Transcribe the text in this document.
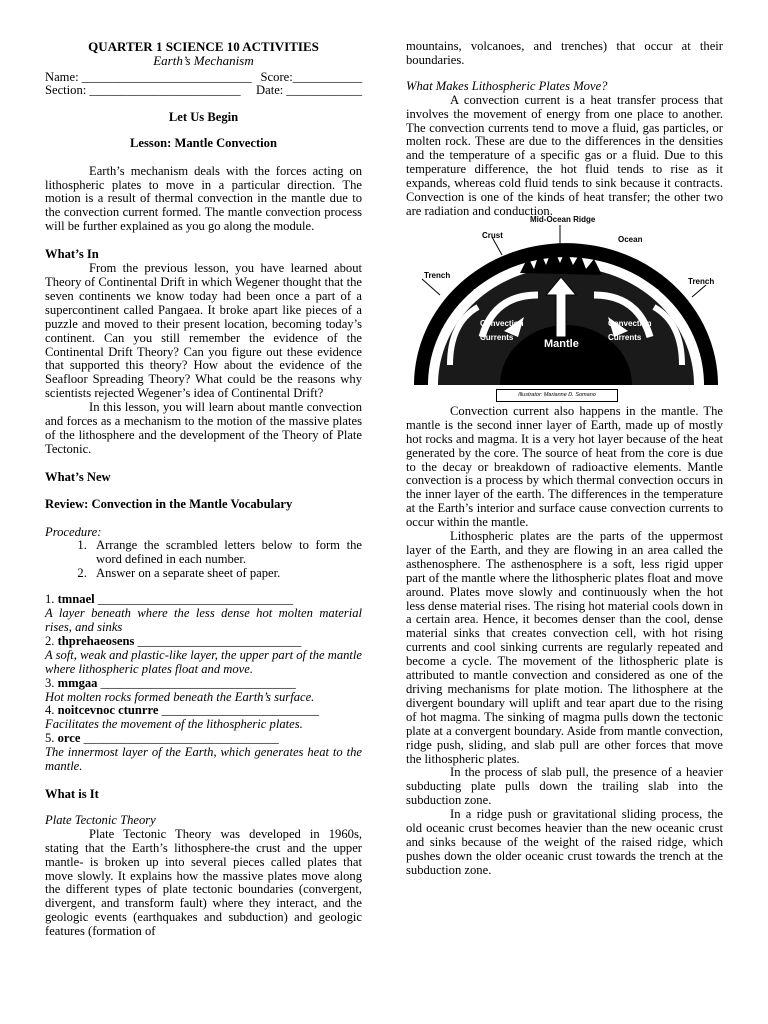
QUARTER 1 SCIENCE 10 ACTIVITIES
Earth’s Mechanism
Name: ___________________________ Score:___________
Section: ________________________ Date: ____________
Let Us Begin
Lesson: Mantle Convection

Earth’s mechanism deals with the forces acting on lithospheric plates to move in a particular direction. The motion is a result of thermal convection in the mantle due to the convection current formed. The mantle convection process will be further explained as you go along the module.

What’s In

From the previous lesson, you have learned about Theory of Continental Drift in which Wegener thought that the seven continents we know today had been once a part of a supercontinent called Pangaea. It broke apart like pieces of a puzzle and moved to their present location, becoming today’s continent. Can you still remember the evidence of the Continental Drift Theory? Can you figure out these evidence that supported this theory? How about the evidence of the Seafloor Spreading Theory? What could be the reasons why scientists rejected Wegener’s idea of Continental Drift?

In this lesson, you will learn about mantle convection and forces as a mechanism to the motion of the massive plates of the lithosphere and the development of the Theory of Plate Tectonic.

What’s New
Review: Convection in the Mantle Vocabulary
Procedure:
1. Arrange the scrambled letters below to form the word defined in each number.
2. Answer on a separate sheet of paper.
1. tmnael _______________________________

A layer beneath where the less dense hot molten material rises, and sinks

2. thprehaeosens __________________________

A soft, weak and plastic-like layer, the upper part of the mantle where lithospheric plates float and move.

3. mmgaa _______________________________

Hot molten rocks formed beneath the Earth’s surface.

4. noitcevnoc ctunrre _________________________

Facilitates the movement of the lithospheric plates.

5. orce _______________________________

The innermost layer of the Earth, which generates heat to the mantle.

What is It
Plate Tectonic Theory

Plate Tectonic Theory was developed in 1960s, stating that the Earth’s lithosphere-the crust and the upper mantle- is broken up into several pieces called plates that move slowly. It explains how the massive plates move along the different types of plate tectonic boundaries (convergent, divergent, and transform fault) where they interact, and the geologic events (earthquakes and subduction) and geologic features (formation of

mountains, volcanoes, and trenches) that occur at their boundaries.

What Makes Lithospheric Plates Move?

A convection current is a heat transfer process that involves the movement of energy from one place to another. The convection currents tend to move a fluid, gas particles, or molten rock. These are due to the differences in the densities and the temperature of a specific gas or a fluid. Due to this temperature difference, the hot fluid tends to rise as it expands, whereas cold fluid tends to sink because it contracts. Convection is one of the kinds of heat transfer; the other two are radiation and conduction.

Mid-Ocean Ridge
Crust	Ocean
Trench
Trench
Convection Currents
Convection Currents
Mantle
Illustrator: Marianne D. Somano

Convection current also happens in the mantle. The mantle is the second inner layer of Earth, made up of mostly hot rocks and magma. It is a very hot layer because of the heat generated by the core. The source of heat from the core is due to the decay or breakdown of radioactive elements. Mantle convection is a process by which thermal convection occurs in the inner layer of the earth. The differences in the temperature at the Earth’s interior and surface cause convection currents to occur within the mantle.

Lithospheric plates are the parts of the uppermost layer of the Earth, and they are flowing in an area called the asthenosphere. The asthenosphere is a soft, less rigid upper part of the mantle where the lithospheric plates float and move around. Plates move slowly and continuously when the hot less dense material rises. The rising hot material cools down in a certain area. Hence, it becomes denser than the cool, dense material sinks that creates convection cell, with hot rising currents and cool sinking currents are regularly repeated and become a cycle. The movement of the lithospheric plate is attributed to mantle convection and considered as one of the driving mechanisms for plate motion. The lithosphere at the divergent boundary will uplift and tear apart due to the rising of hot magma. The sinking of magma pulls down the tectonic plate at a convergent boundary. Aside from mantle convection, ridge push, sliding, and slab pull are other forces that move the lithospheric plates.

In the process of slab pull, the presence of a heavier subducting plate pulls down the trailing slab into the subduction zone.

In a ridge push or gravitational sliding process, the old oceanic crust becomes heavier than the new oceanic crust and sinks because of the weight of the raised ridge, which pushes down the older oceanic crust towards the trench at the subduction zone.
